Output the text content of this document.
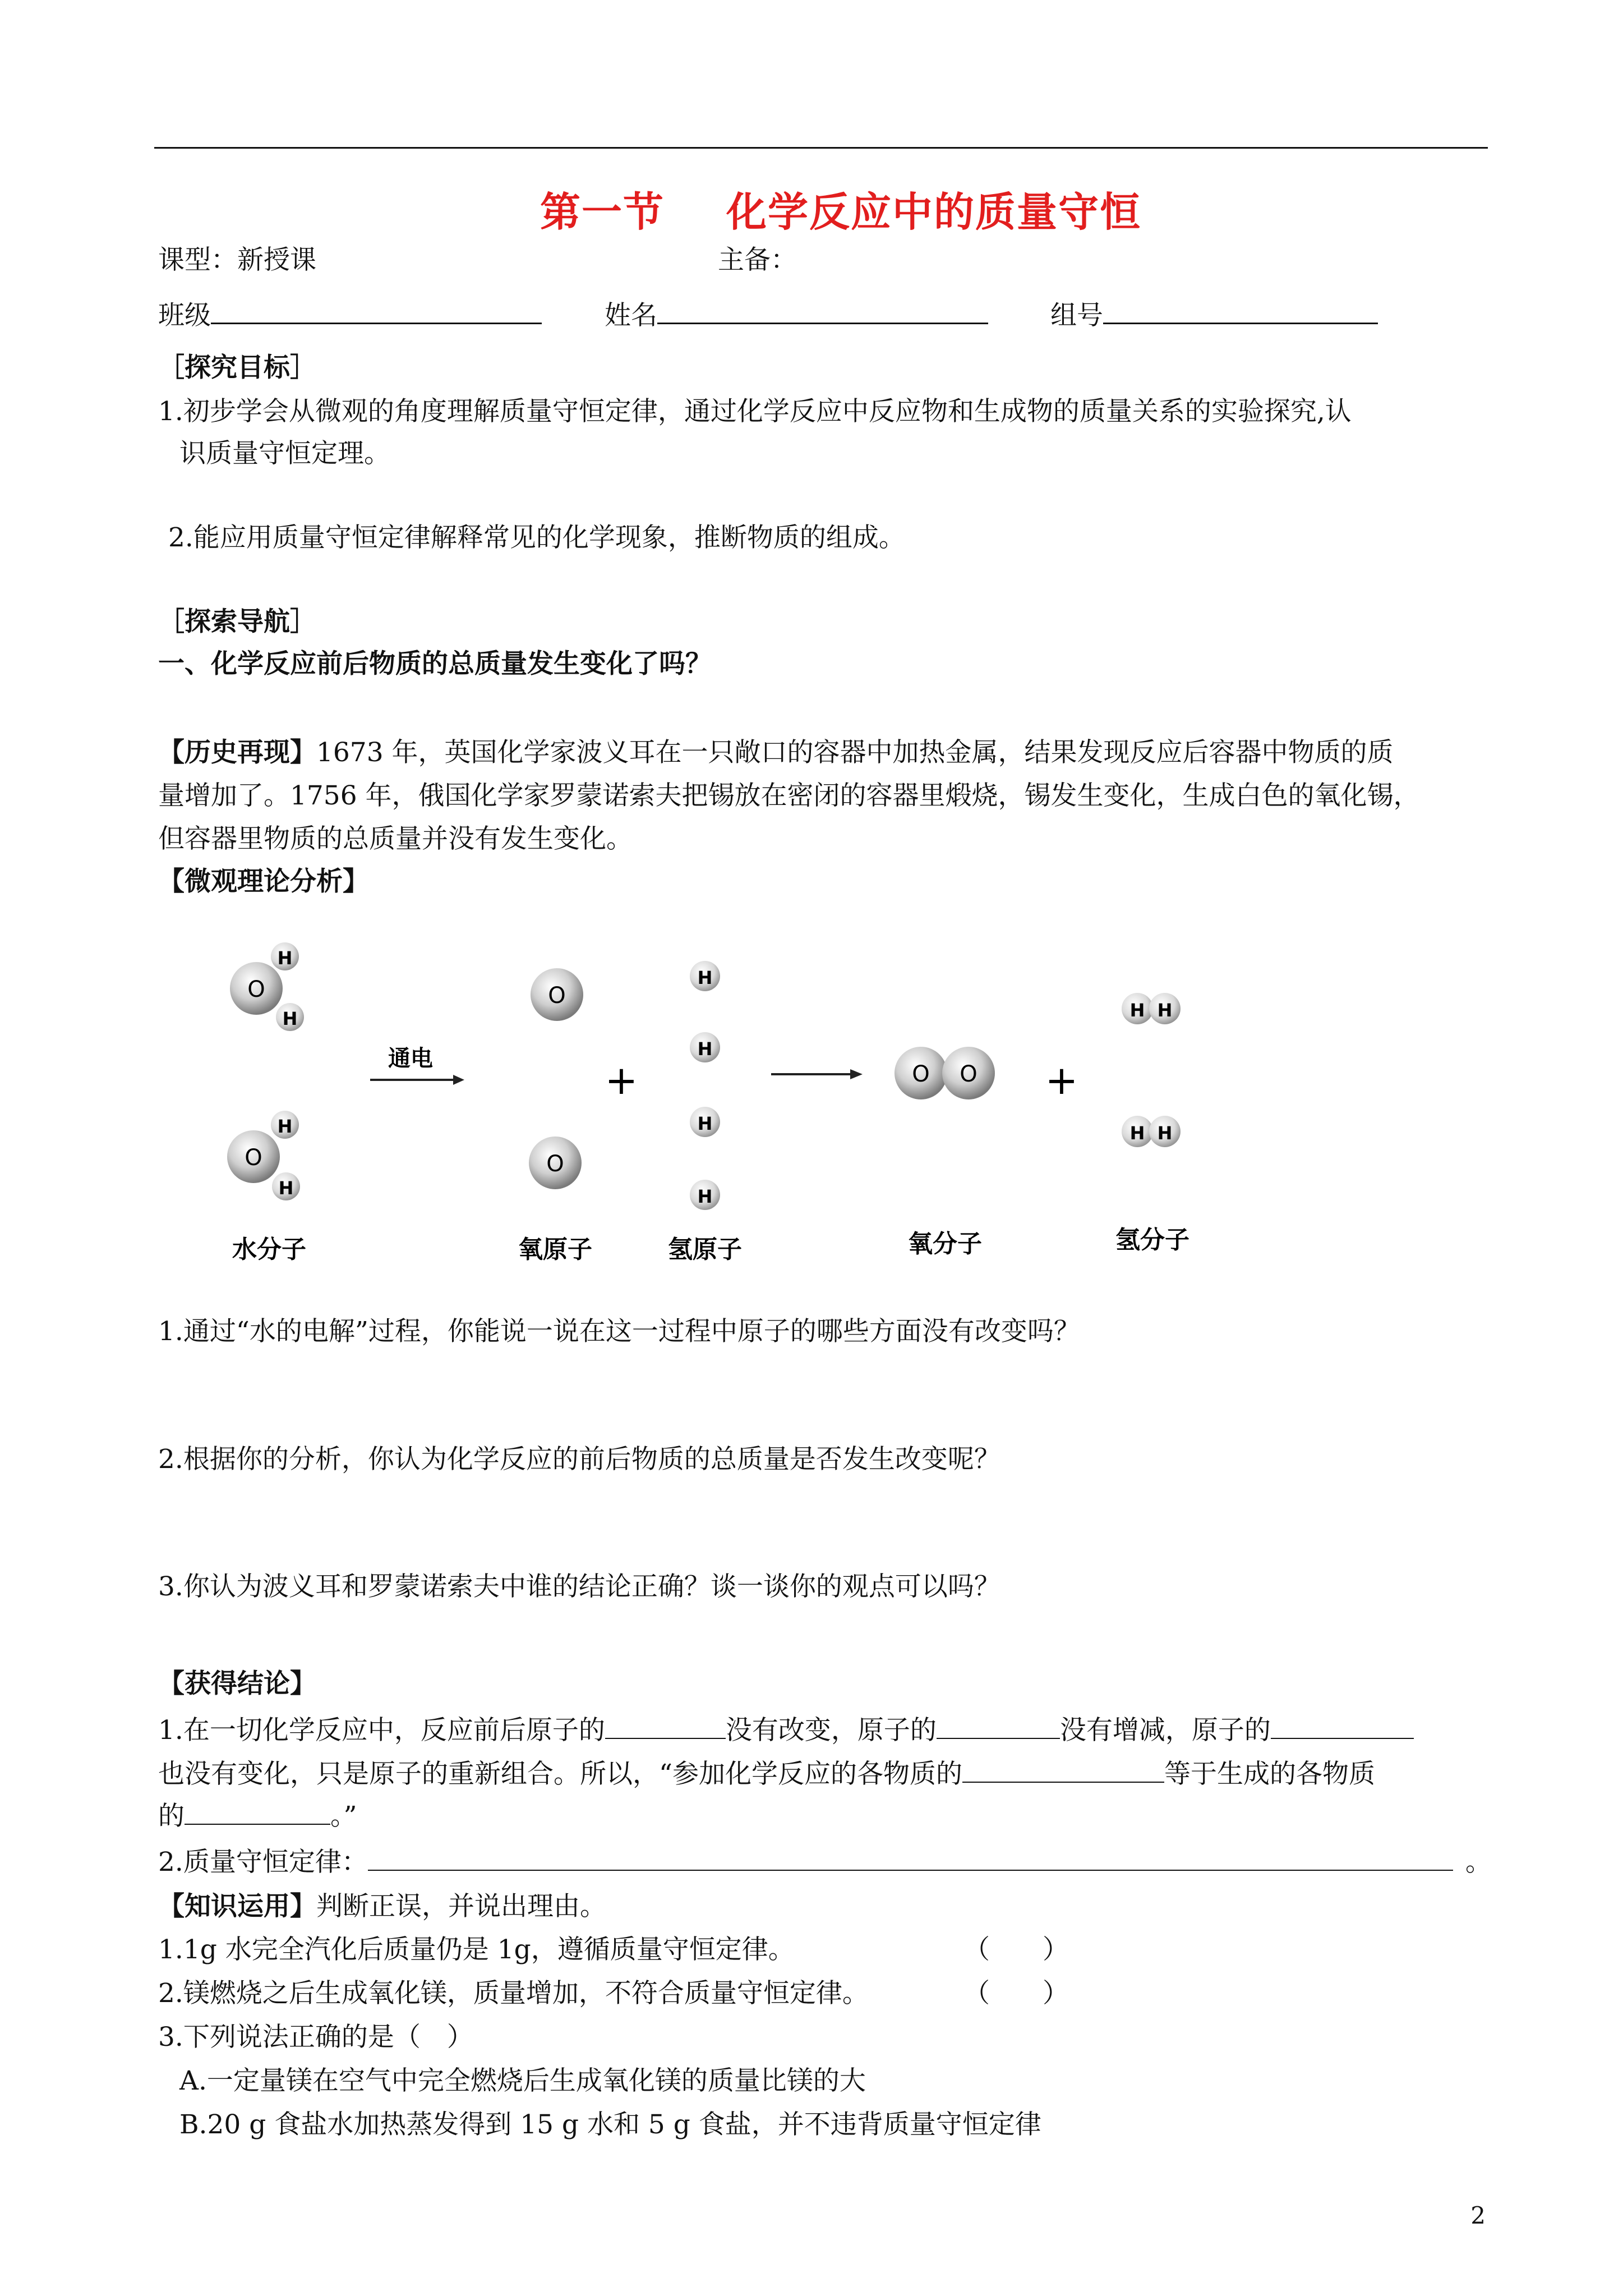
第一节 化学反应中的质量守恒
课型：新授课	主备：
班级	姓名	组号
［探究目标］
1.初步学会从微观的角度理解质量守恒定律，通过化学反应中反应物和生成物的质量关系的实验探究,认
识质量守恒定理。
2.能应用质量守恒定律解释常见的化学现象，推断物质的组成。
［探索导航］
一、化学反应前后物质的总质量发生变化了吗？
【历史再现】1673 年，英国化学家波义耳在一只敞口的容器中加热金属，结果发现反应后容器中物质的质
量增加了。1756 年，俄国化学家罗蒙诺索夫把锡放在密闭的容器里煅烧，锡发生变化，生成白色的氧化锡，
但容器里物质的总质量并没有发生变化。
【微观理论分析】
O
H
H
O
H
H
通电
O
O
+
H
H
H
H
O O +
H H
H H
水分子	氧原子	氢原子	氧分子	氢分子
1.通过“水的电解”过程，你能说一说在这一过程中原子的哪些方面没有改变吗？
2.根据你的分析，你认为化学反应的前后物质的总质量是否发生改变呢？
3.你认为波义耳和罗蒙诺索夫中谁的结论正确？谈一谈你的观点可以吗？
【获得结论】
1.在一切化学反应中，反应前后原子的	没有改变，原子的	没有增减，原子的
也没有变化，只是原子的重新组合。所以，“参加化学反应的各物质的	等于生成的各物质
的	。”
2.质量守恒定律：	。
【知识运用】判断正误，并说出理由。
1.1g 水完全汽化后质量仍是 1g，遵循质量守恒定律。	（　　）
2.镁燃烧之后生成氧化镁，质量增加，不符合质量守恒定律。	（　　）
3.下列说法正确的是（　）
A.一定量镁在空气中完全燃烧后生成氧化镁的质量比镁的大
B.20 g 食盐水加热蒸发得到 15 g 水和 5 g 食盐，并不违背质量守恒定律
2
